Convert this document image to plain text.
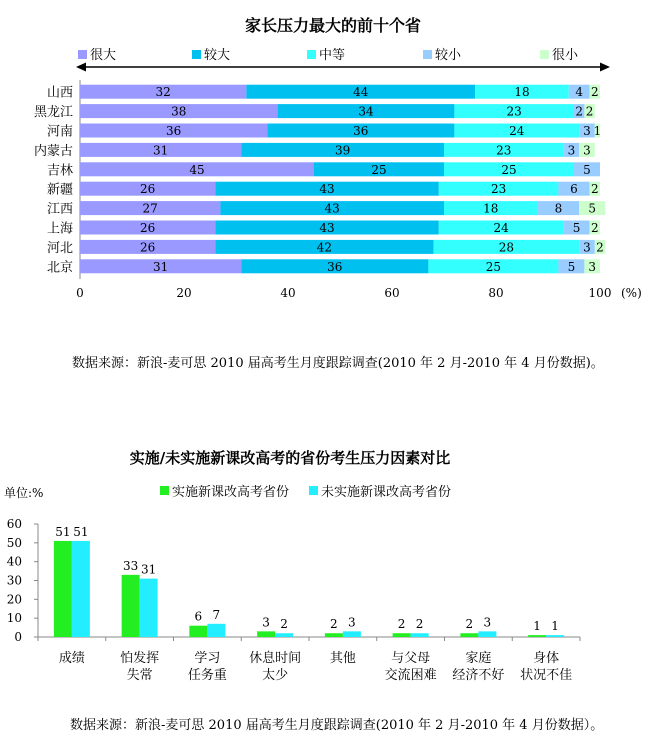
家长压力最大的前十个省
很大	较大	中等	较小	很小
山西	32	44	18	4 2
黑龙江	38	34	23	2 2
河南	36	36	24	3 1
内蒙古	31	39	23	3 3
吉林	45	25	25	5
新疆	26	43	23	6 2
江西	27	43	18	8 5
上海	26	43	24	5 2
河北	26	42	28	3 2
北京	31	36	25	5 3
0	20	40	60	80	100 (%)
数据来源：新浪-麦可思 2010 届高考生月度跟踪调查(2010 年 2 月-2010 年 4 月份数据)。
实施/未实施新课改高考的省份考生压力因素对比
单位:%	实施新课改高考省份 未实施新课改高考省份
0
10
20
30
40
50
60
51 51
成绩
33 31
怕发挥
失常
6 7
学习
任务重
3 2
休息时间
太少
2 3
其他
2 2
与父母
交流困难
2 3
家庭
经济不好
1 1
身体
状况不佳
数据来源：新浪-麦可思 2010 届高考生月度跟踪调查(2010 年 2 月-2010 年 4 月份数据）。
